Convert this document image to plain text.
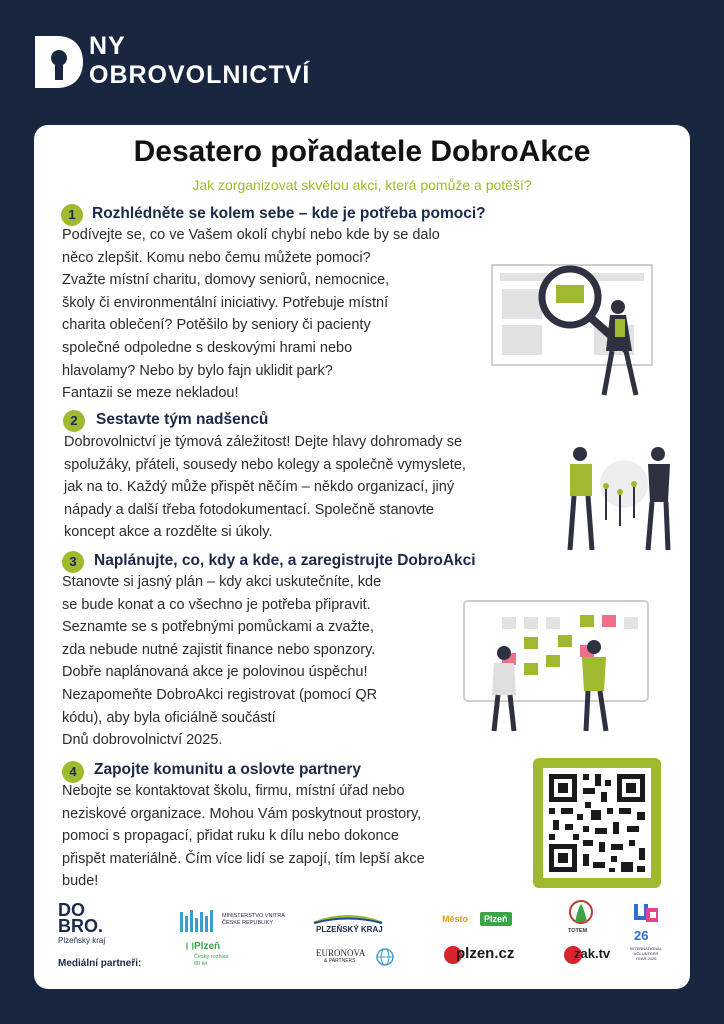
NY
OBROVOLNICTVÍ
Desatero pořadatele DobroAkce
Jak zorganizovat skvělou akci, která pomůže a potěší?
1	Rozhlédněte se kolem sebe – kde je potřeba pomoci?
Podívejte se, co ve Vašem okolí chybí nebo kde by se dalo
něco zlepšit. Komu nebo čemu můžete pomoci?
Zvažte místní charitu, domovy seniorů, nemocnice,
školy či environmentální iniciativy. Potřebuje místní
charita oblečení? Potěšilo by seniory či pacienty
společné odpoledne s deskovými hrami nebo
hlavolamy? Nebo by bylo fajn uklidit park?
Fantazii se meze nekladou!
2	Sestavte tým nadšenců
Dobrovolnictví je týmová záležitost! Dejte hlavy dohromady se
spolužáky, přáteli, sousedy nebo kolegy a společně vymyslete,
jak na to. Každý může přispět něčím – někdo organizací, jiný
nápady a další třeba fotodokumentací. Společně stanovte
koncept akce a rozdělte si úkoly.
3	Naplánujte, co, kdy a kde, a zaregistrujte DobroAkci
Stanovte si jasný plán – kdy akci uskutečníte, kde
se bude konat a co všechno je potřeba připravit.
Seznamte se s potřebnými pomůckami a zvažte,
zda nebude nutné zajistit finance nebo sponzory.
Dobře naplánovaná akce je polovinou úspěchu!
Nezapomeňte DobroAkci registrovat (pomocí QR
kódu), aby byla oficiálně součástí
Dnů dobrovolnictví 2025.
4	Zapojte komunitu a oslovte partnery
Nebojte se kontaktovat školu, firmu, místní úřad nebo
neziskové organizace. Mohou Vám poskytnout prostory,
pomoci s propagací, přidat ruku k dílu nebo dokonce
přispět materiálně. Čím více lidí se zapojí, tím lepší akce
bude!
DO
BRO.
Plzeňský kraj
Mediální partneři:
MINISTERSTVO VNITRA
ČESKÉ REPUBLIKY
PLZEŇSKÝ KRAJ
Město	Plzeň
TOTEM	26
INTERNATIONAL
VOLUNTEER
YEAR 2026
❙❙
Plzeň
Český rozhlas
80 let
EURONOVA
& PARTNERS	plzen.cz	zak.tv
